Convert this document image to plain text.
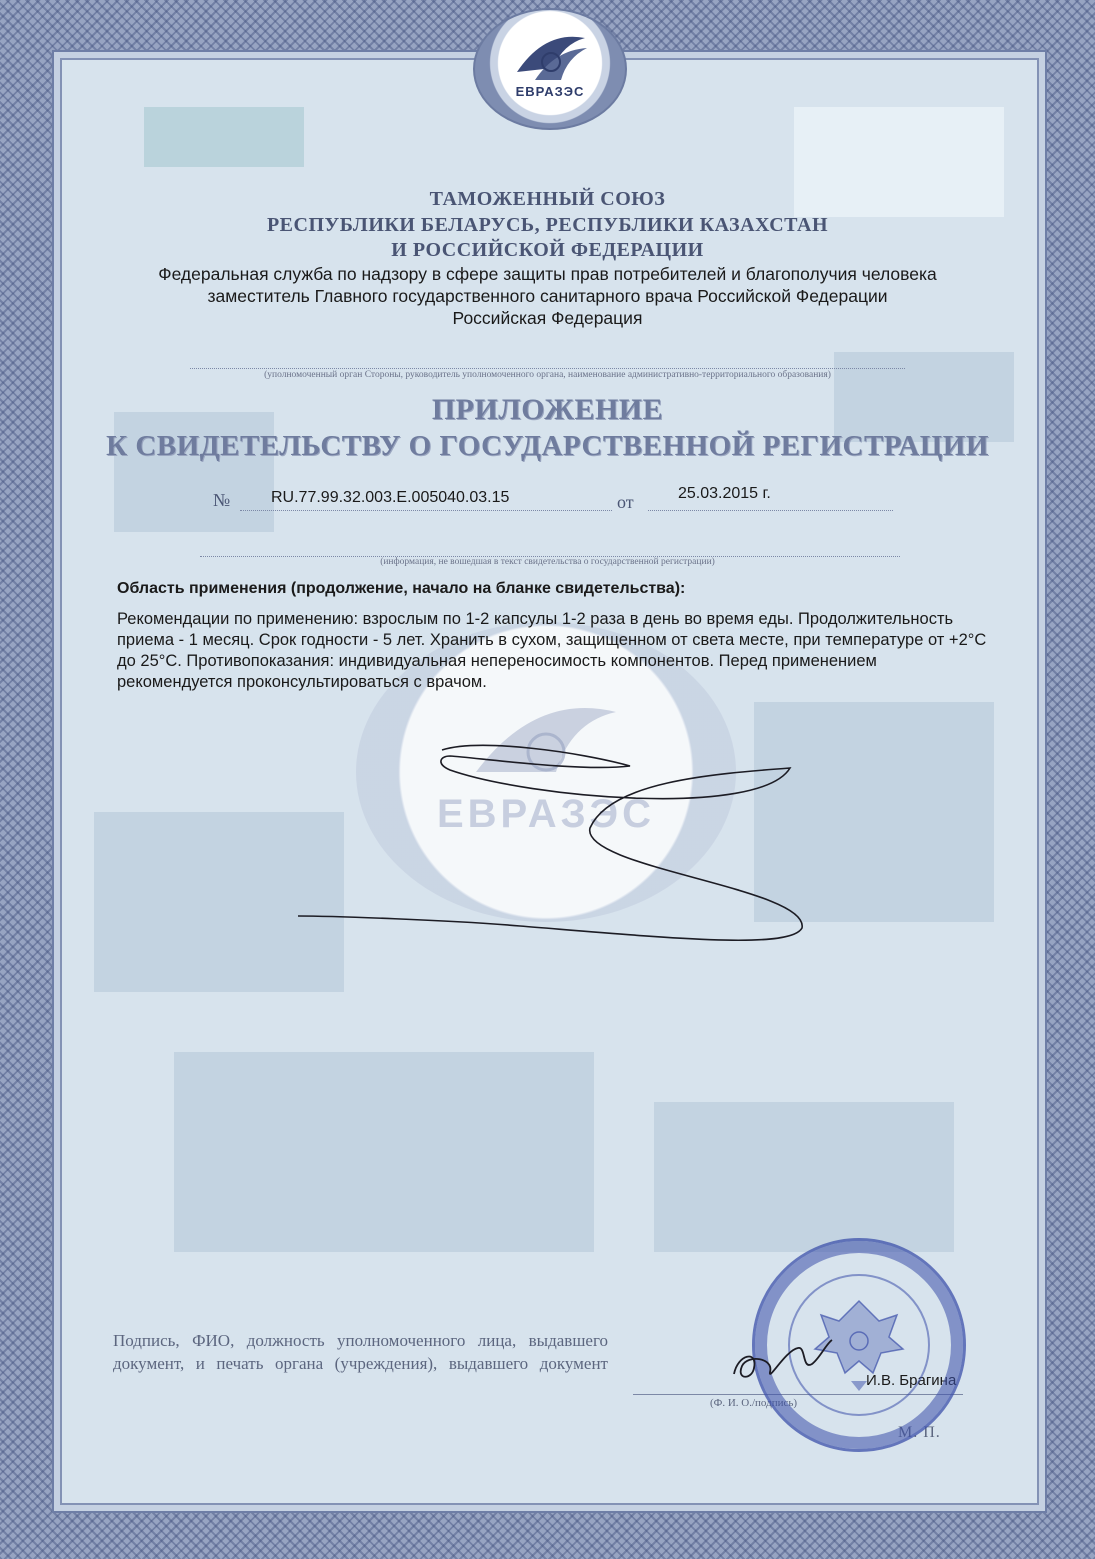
ЕВРАЗЭС
ЕВРАЗЭС
ТАМОЖЕННЫЙ СОЮЗ
РЕСПУБЛИКИ БЕЛАРУСЬ, РЕСПУБЛИКИ КАЗАХСТАН
И РОССИЙСКОЙ ФЕДЕРАЦИИ
Федеральная служба по надзору в сфере защиты прав потребителей и благополучия человека
заместитель Главного государственного санитарного врача Российской Федерации
Российская Федерация
(уполномоченный орган Стороны, руководитель уполномоченного органа, наименование административно-территориального образования)
ПРИЛОЖЕНИЕ
К СВИДЕТЕЛЬСТВУ О ГОСУДАРСТВЕННОЙ РЕГИСТРАЦИИ
№	RU.77.99.32.003.E.005040.03.15	от	25.03.2015 г.
(информация, не вошедшая в текст свидетельства о государственной регистрации)
Область применения (продолжение, начало на бланке свидетельства):
Рекомендации по применению: взрослым по 1-2 капсулы 1-2 раза в день во время еды. Продолжительность приема - 1 месяц. Срок годности - 5 лет. Хранить в сухом, защищенном от света месте, при температуре от +2°С до 25°С. Противопоказания: индивидуальная непереносимость компонентов. Перед применением рекомендуется проконсультироваться с врачом.
Подпись, ФИО, должность уполномоченного лица, выдавшего документ, и печать органа (учреждения), выдавшего документ
И.В. Брагина
(Ф. И. О./подпись)
М. П.
